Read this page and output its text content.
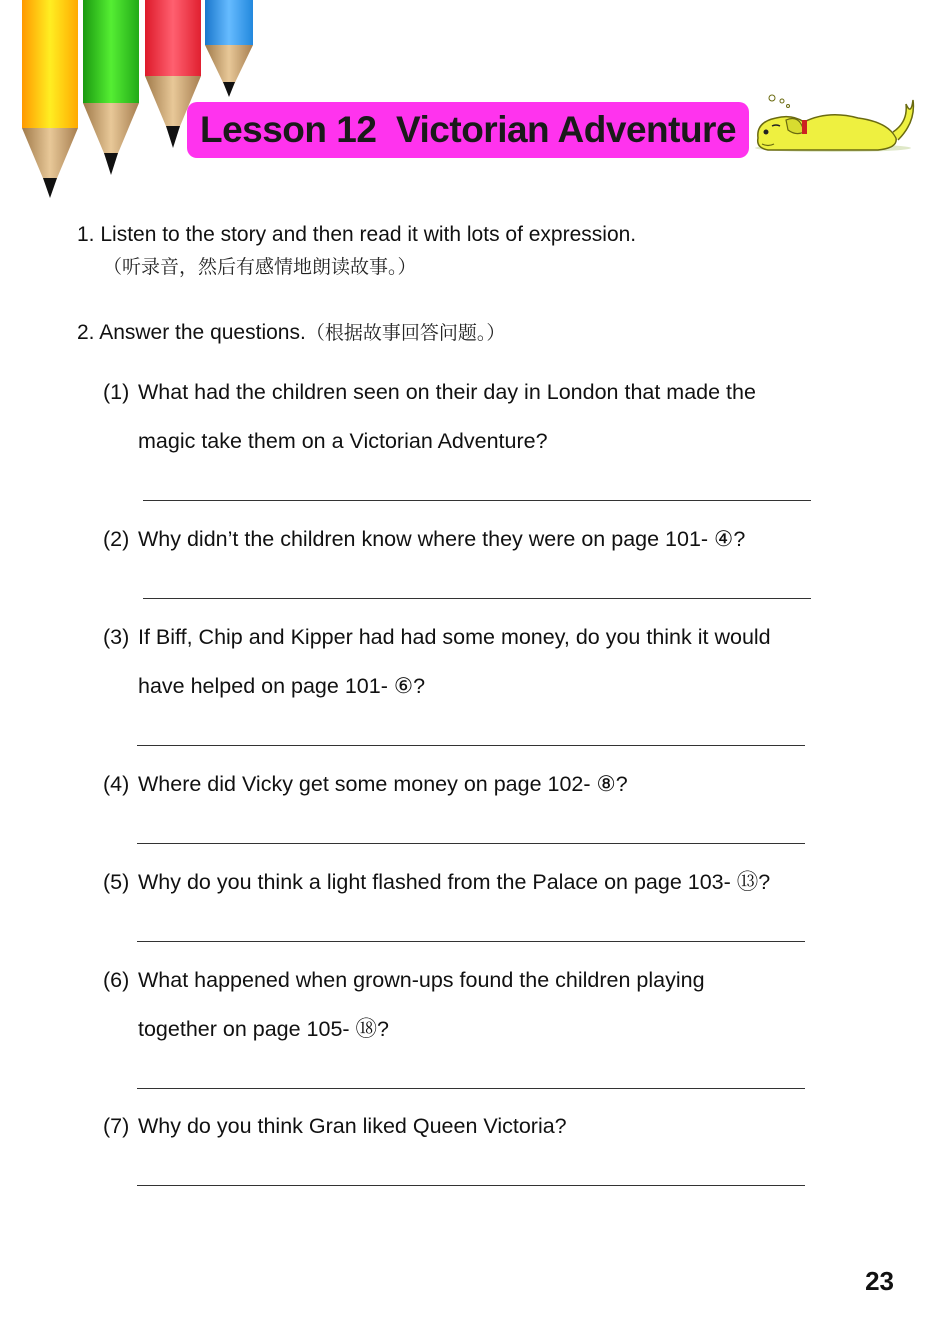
Lesson 12  Victorian Adventure
1. Listen to the story and then read it with lots of expression.
（听录音，然后有感情地朗读故事。）
2. Answer the questions.（根据故事回答问题。）
(1) What had the children seen on their day in London that made the
magic take them on a Victorian Adventure?
(2) Why didn’t the children know where they were on page 101- ④?
(3) If Biff, Chip and Kipper had had some money, do you think it would
have helped on page 101- ⑥?
(4) Where did Vicky get some money on page 102- ⑧?
(5) Why do you think a light flashed from the Palace on page 103- ⑬?
(6) What happened when grown-ups found the children playing
together on page 105- ⑱?
(7) Why do you think Gran liked Queen Victoria?
23
